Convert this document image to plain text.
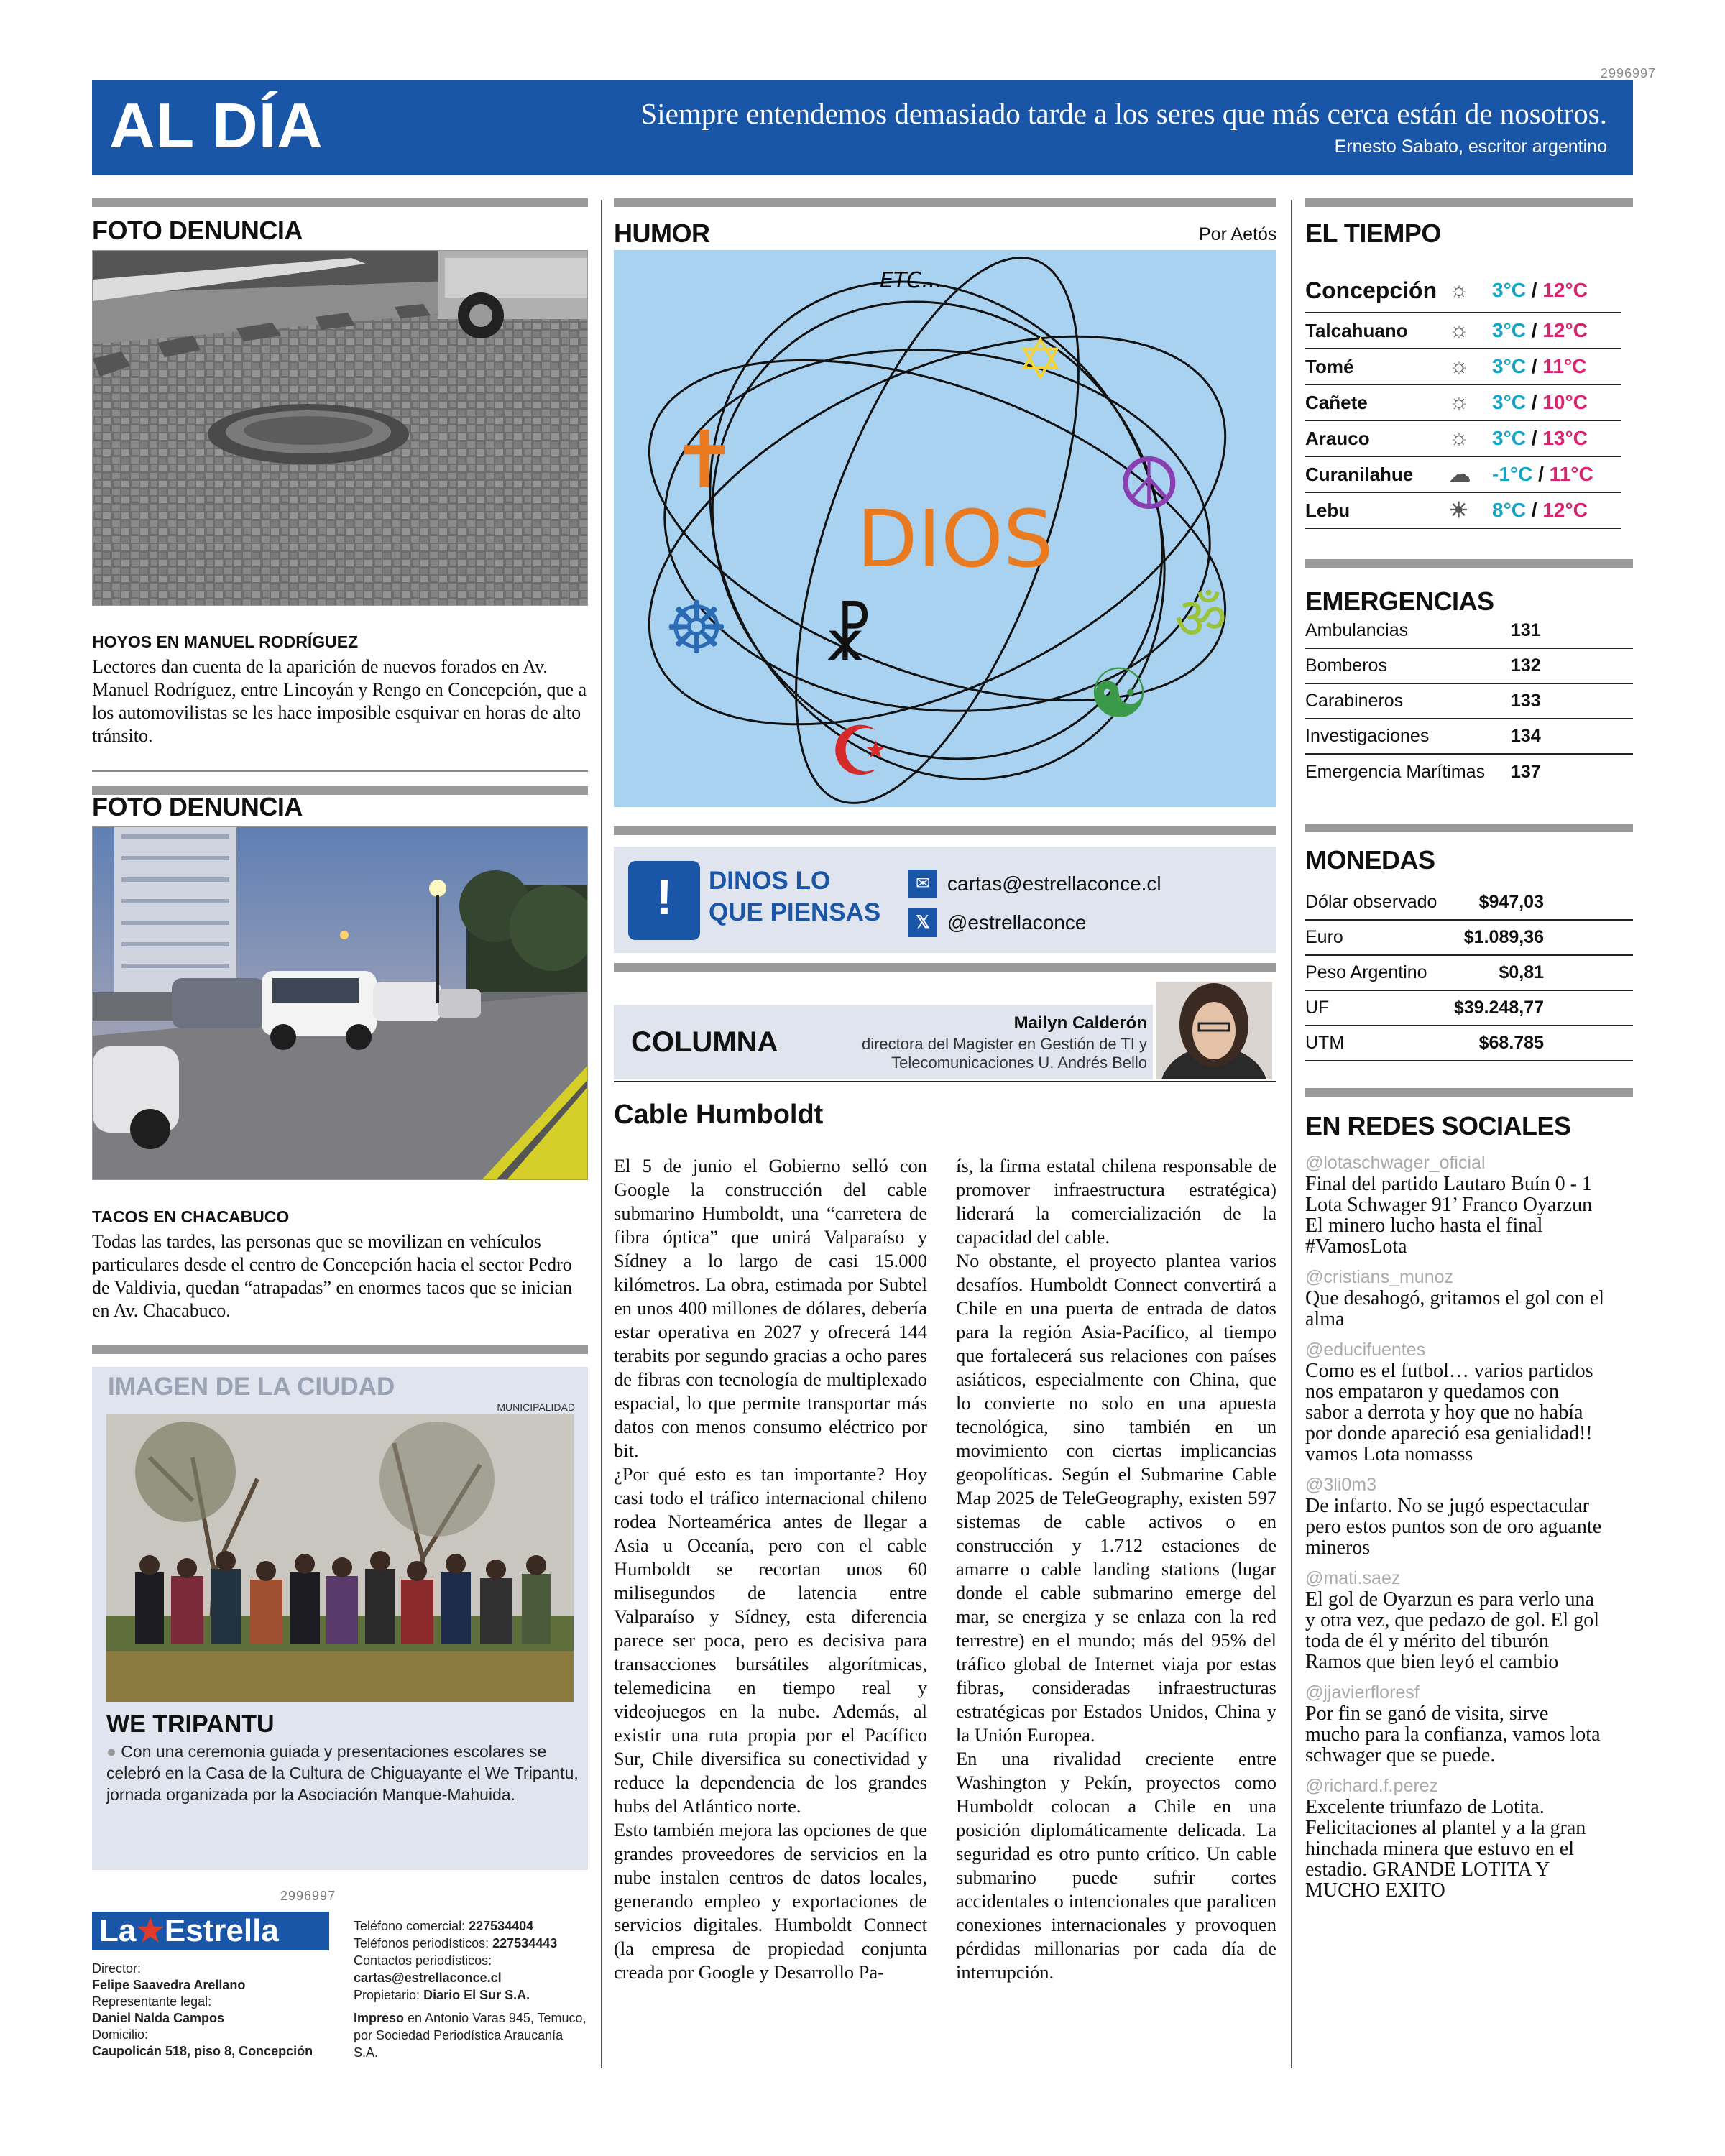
2996997
AL DÍA	Siempre entendemos demasiado tarde a los seres que más cerca están de nosotros.
Ernesto Sabato, escritor argentino
FOTO DENUNCIA
HOYOS EN MANUEL RODRÍGUEZ
Lectores dan cuenta de la aparición de nuevos forados en Av. Manuel Rodríguez, entre Lincoyán y Rengo en Concepción, que a los automovilistas se les hace imposible esquivar en horas de alto tránsito.
FOTO DENUNCIA
TACOS EN CHACABUCO
Todas las tardes, las personas que se movilizan en vehículos particulares desde el centro de Concepción hacia el sector Pedro de Valdivia, quedan “atrapadas” en enormes tacos que se inician en Av. Chacabuco.
IMAGEN DE LA CIUDAD
MUNICIPALIDAD
WE TRIPANTU
● Con una ceremonia guiada y presentaciones escolares se celebró en la Casa de la Cultura de Chiguayante el We Tripantu, jornada organizada por la Asociación Manque-Mahuida.
2996997
La★Estrella
Director:
Felipe Saavedra Arellano
Representante legal:
Daniel Nalda Campos
Domicilio:
Caupolicán 518, piso 8, Concepción
Teléfono comercial: 227534404
Teléfonos periodísticos: 227534443
Contactos periodísticos:
cartas@estrellaconce.cl
Propietario: Diario El Sur S.A.
Impreso en Antonio Varas 945, Temuco, por Sociedad Periodística Araucanía S.A.
HUMOR	Por Aetós
ETC...
DIOS
✡
✝	☮
ॐ
☸ ☧
☯
☪
!	DINOS LO
QUE PIENSAS
✉ cartas@estrellaconce.cl
𝕏 @estrellaconce
COLUMNA
Mailyn Calderón
directora del Magister en Gestión de TI y
Telecomunicaciones U. Andrés Bello
Cable Humboldt

El 5 de junio el Gobierno selló con Google la construcción del cable submarino Humboldt, una “carretera de fibra óptica” que unirá Valparaíso y Sídney a lo largo de casi 15.000 kilómetros. La obra, estimada por Subtel en unos 400 millones de dólares, debería estar operativa en 2027 y ofrecerá 144 terabits por segundo gracias a ocho pares de fibras con tecnología de multiplexado espacial, lo que permite transportar más datos con menos consumo eléctrico por bit.

¿Por qué esto es tan importante? Hoy casi todo el tráfico internacional chileno rodea Norteamérica antes de llegar a Asia u Oceanía, pero con el cable Humboldt se recortan unos 60 milisegundos de latencia entre Valparaíso y Sídney, esta diferencia parece ser poca, pero es decisiva para transacciones bursátiles algorítmicas, telemedicina en tiempo real y videojuegos en la nube. Además, al existir una ruta propia por el Pacífico Sur, Chile diversifica su conectividad y reduce la dependencia de los grandes hubs del Atlántico norte.

Esto también mejora las opciones de que grandes proveedores de servicios en la nube instalen centros de datos locales, generando empleo y exportaciones de servicios digitales. Humboldt Connect (la empresa de propiedad conjunta creada por Google y Desarrollo Pa-

ís, la firma estatal chilena responsable de promover infraestructura estratégica) liderará la comercialización de la capacidad del cable.

No obstante, el proyecto plantea varios desafíos. Humboldt Connect convertirá a Chile en una puerta de entrada de datos para la región Asia-Pacífico, al tiempo que fortalecerá sus relaciones con países asiáticos, especialmente con China, que lo convierte no solo en una apuesta tecnológica, sino también en un movimiento con ciertas implicancias geopolíticas. Según el Submarine Cable Map 2025 de TeleGeography, existen 597 sistemas de cable activos o en construcción y 1.712 estaciones de amarre o cable landing stations (lugar donde el cable submarino emerge del mar, se energiza y se enlaza con la red terrestre) en el mundo; más del 95% del tráfico global de Internet viaja por estas fibras, consideradas infraestructuras estratégicas por Estados Unidos, China y la Unión Europea.

En una rivalidad creciente entre Washington y Pekín, proyectos como Humboldt colocan a Chile en una posición diplomáticamente delicada. La seguridad es otro punto crítico. Un cable submarino puede sufrir cortes accidentales o intencionales que paralicen conexiones internacionales y provoquen pérdidas millonarias por cada día de interrupción.

EL TIEMPO
Concepción ☼	3°C / 12°C
Talcahuano	☼	3°C / 12°C
Tomé	☼	3°C / 11°C
Cañete	☼	3°C / 10°C
Arauco	☼	3°C / 13°C
Curanilahue	☁	-1°C / 11°C
Lebu	☀	8°C / 12°C
EMERGENCIAS
Ambulancias	131
Bomberos	132
Carabineros	133
Investigaciones	134
Emergencia Marítimas 137
MONEDAS
Dólar observado $947,03
Euro	$1.089,36
Peso Argentino	$0,81
UF	$39.248,77
UTM	$68.785
EN REDES SOCIALES
@lotaschwager_oficial
Final del partido Lautaro Buín 0 - 1 Lota Schwager 91’ Franco Oyarzun El minero lucho hasta el final #VamosLota
@cristians_munoz
Que desahogó, gritamos el gol con el alma
@educifuentes
Como es el futbol… varios partidos nos empataron y quedamos con sabor a derrota y hoy que no había por donde apareció esa genialidad!! vamos Lota nomasss
@3li0m3
De infarto. No se jugó espectacular pero estos puntos son de oro aguante mineros
@mati.saez
El gol de Oyarzun es para verlo una y otra vez, que pedazo de gol. El gol toda de él y mérito del tiburón Ramos que bien leyó el cambio
@jjavierfloresf
Por fin se ganó de visita, sirve mucho para la confianza, vamos lota schwager que se puede.
@richard.f.perez
Excelente triunfazo de Lotita. Felicitaciones al plantel y a la gran hinchada minera que estuvo en el estadio. GRANDE LOTITA Y MUCHO EXITO
